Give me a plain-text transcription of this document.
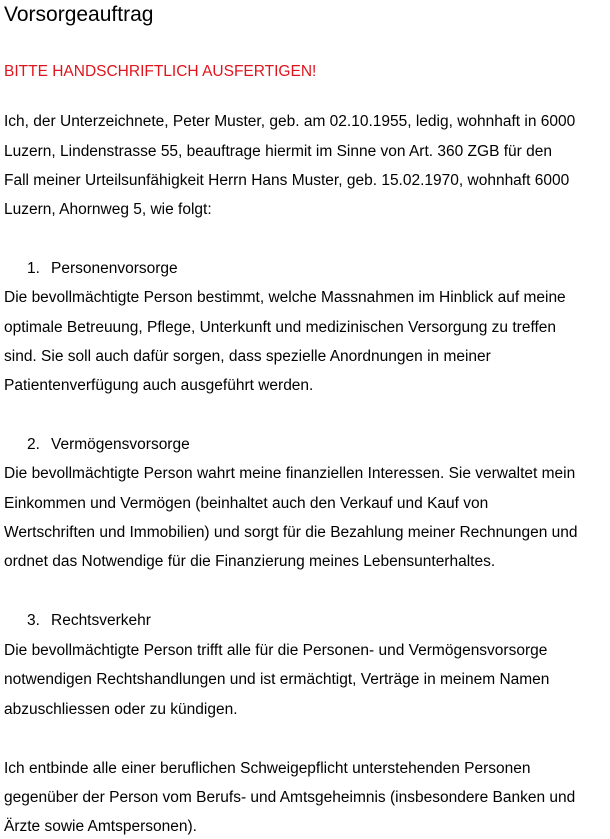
Vorsorgeauftrag

BITTE HANDSCHRIFTLICH AUSFERTIGEN!

Ich, der Unterzeichnete, Peter Muster, geb. am 02.10.1955, ledig, wohnhaft in 6000

Luzern, Lindenstrasse 55, beauftrage hiermit im Sinne von Art. 360 ZGB für den

Fall meiner Urteilsunfähigkeit Herrn Hans Muster, geb. 15.02.1970, wohnhaft 6000

Luzern, Ahornweg 5, wie folgt:

1. Personenvorsorge

Die bevollmächtigte Person bestimmt, welche Massnahmen im Hinblick auf meine

optimale Betreuung, Pflege, Unterkunft und medizinischen Versorgung zu treffen

sind. Sie soll auch dafür sorgen, dass spezielle Anordnungen in meiner

Patientenverfügung auch ausgeführt werden.

2. Vermögensvorsorge

Die bevollmächtigte Person wahrt meine finanziellen Interessen. Sie verwaltet mein

Einkommen und Vermögen (beinhaltet auch den Verkauf und Kauf von

Wertschriften und Immobilien) und sorgt für die Bezahlung meiner Rechnungen und

ordnet das Notwendige für die Finanzierung meines Lebensunterhaltes.

3. Rechtsverkehr

Die bevollmächtigte Person trifft alle für die Personen- und Vermögensvorsorge

notwendigen Rechtshandlungen und ist ermächtigt, Verträge in meinem Namen

abzuschliessen oder zu kündigen.

Ich entbinde alle einer beruflichen Schweigepflicht unterstehenden Personen

gegenüber der Person vom Berufs- und Amtsgeheimnis (insbesondere Banken und

Ärzte sowie Amtspersonen).
